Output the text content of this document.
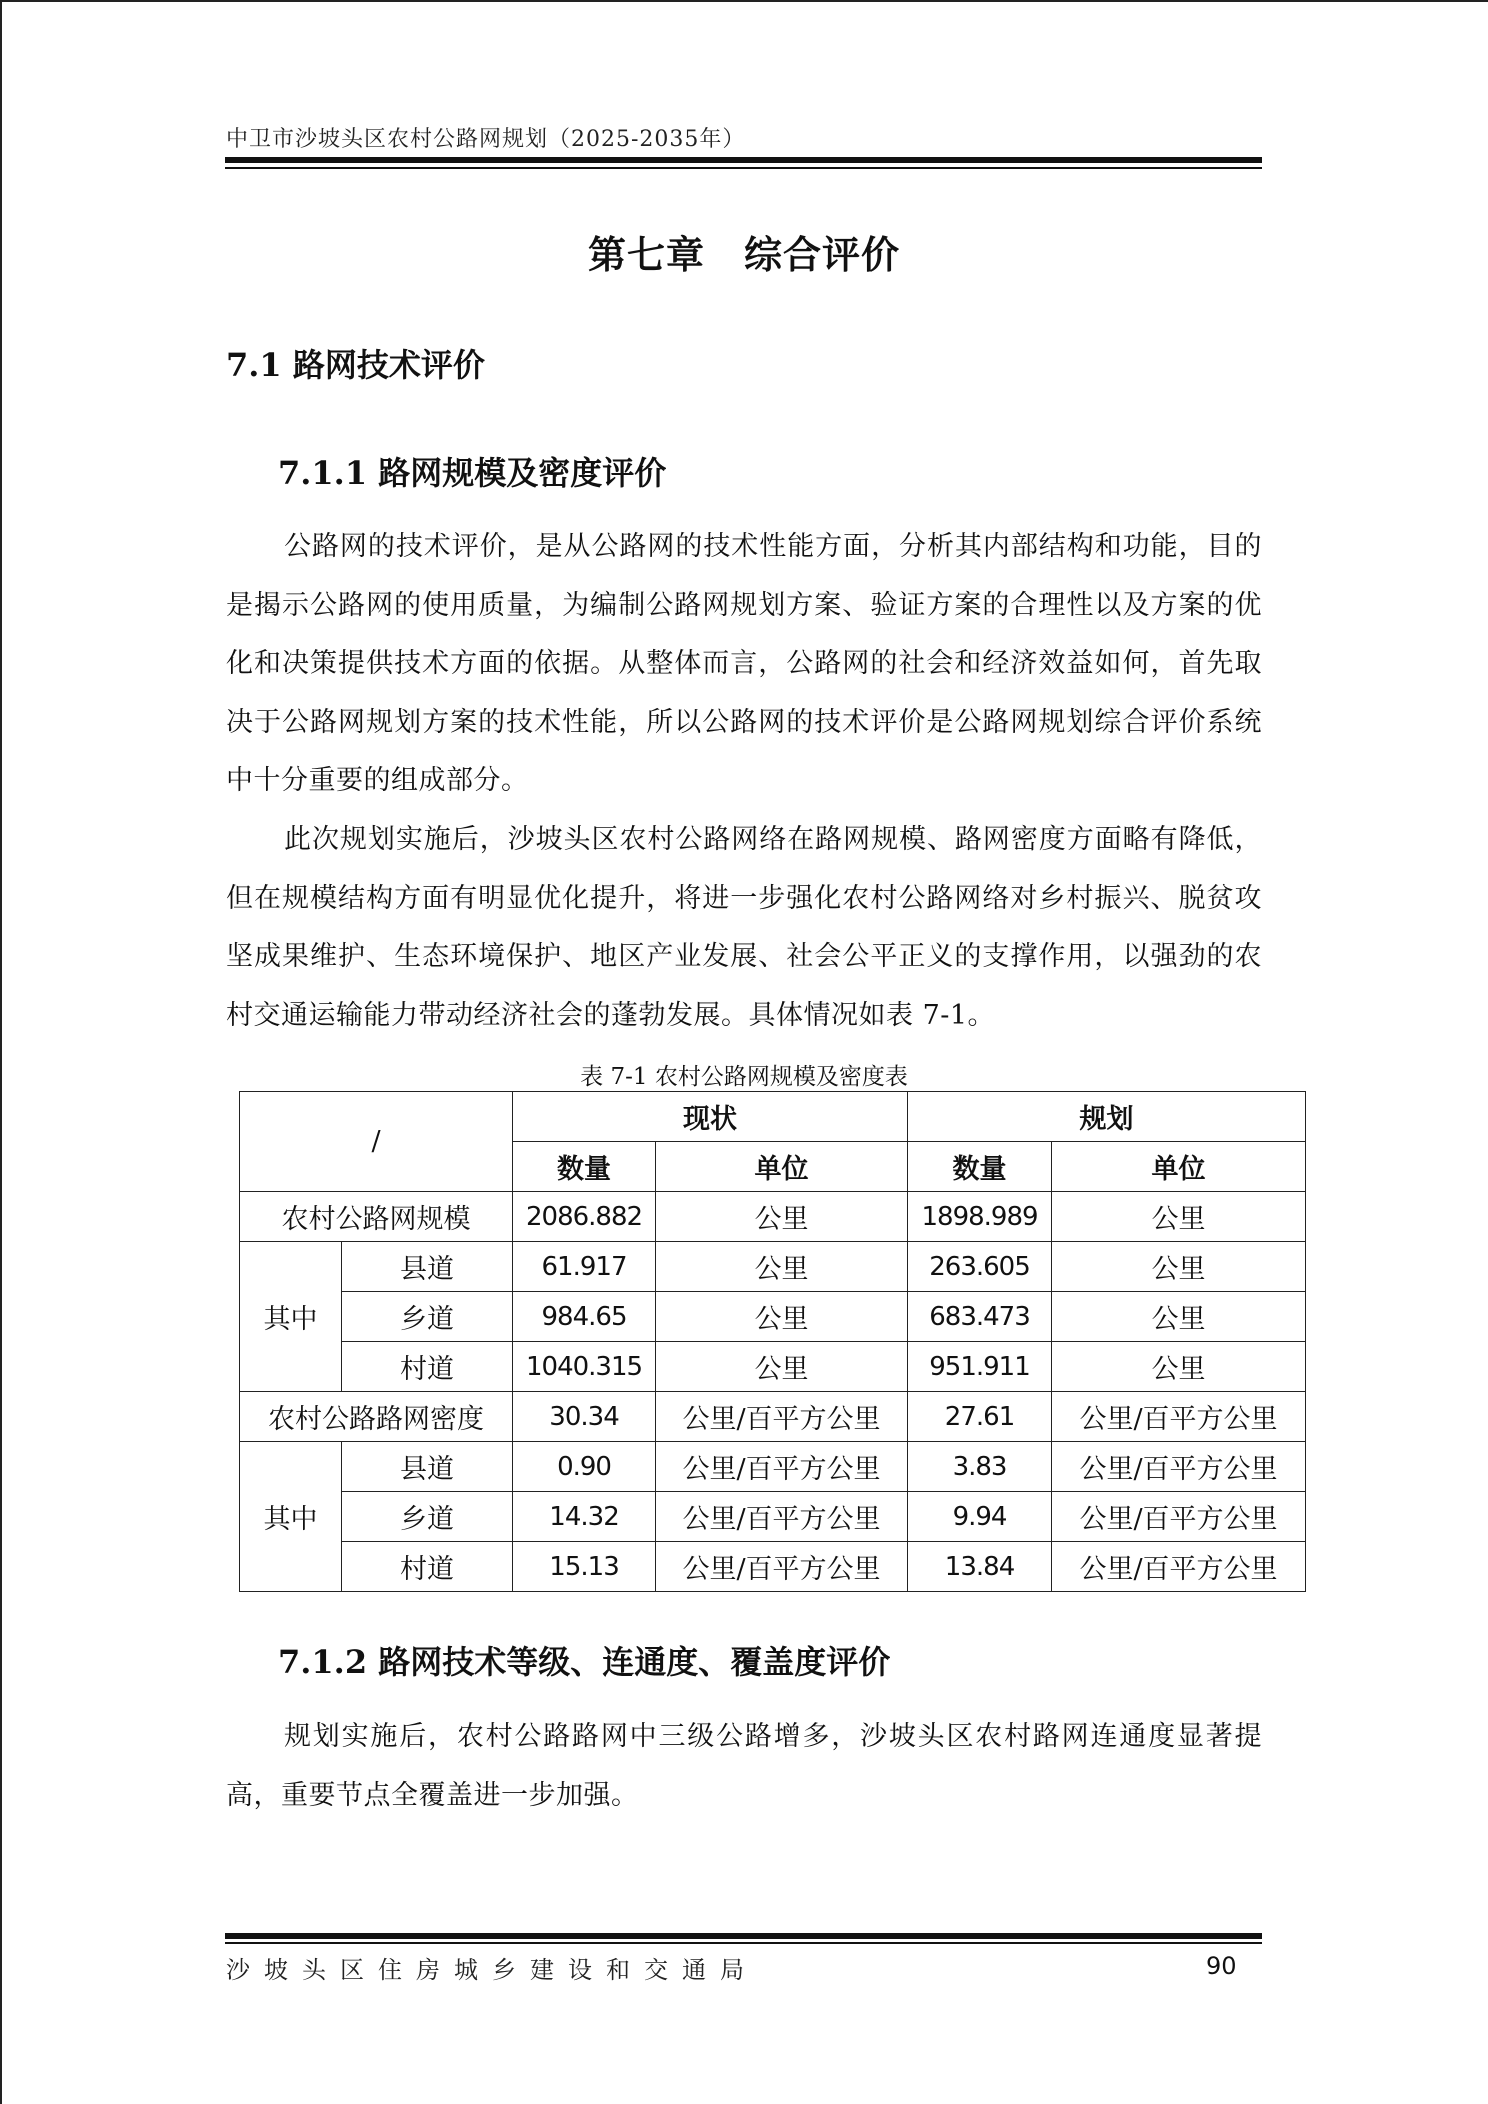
中卫市沙坡头区农村公路网规划（2025-2035年）
第七章　综合评价
7.1 路网技术评价
7.1.1 路网规模及密度评价

公路网的技术评价，是从公路网的技术性能方面，分析其内部结构和功能，目的是揭示公路网的使用质量，为编制公路网规划方案、验证方案的合理性以及方案的优化和决策提供技术方面的依据。从整体而言，公路网的社会和经济效益如何，首先取决于公路网规划方案的技术性能，所以公路网的技术评价是公路网规划综合评价系统中十分重要的组成部分。

此次规划实施后，沙坡头区农村公路网络在路网规模、路网密度方面略有降低，但在规模结构方面有明显优化提升，将进一步强化农村公路网络对乡村振兴、脱贫攻坚成果维护、生态环境保护、地区产业发展、社会公平正义的支撑作用，以强劲的农村交通运输能力带动经济社会的蓬勃发展。具体情况如表 7-1。

表 7-1 农村公路网规模及密度表
/		现状		规划	
		数量	单位	数量	单位
农村公路网规模		2086.882	公里	1898.989	公里
其中	县道	61.917	公里	263.605	公里
	乡道	984.65	公里	683.473	公里
	村道	1040.315	公里	951.911	公里
农村公路路网密度		30.34	公里/百平方公里	27.61	公里/百平方公里
其中	县道	0.90	公里/百平方公里	3.83	公里/百平方公里
	乡道	14.32	公里/百平方公里	9.94	公里/百平方公里
	村道	15.13	公里/百平方公里	13.84	公里/百平方公里
7.1.2 路网技术等级、连通度、覆盖度评价

规划实施后，农村公路路网中三级公路增多，沙坡头区农村路网连通度显著提高，重要节点全覆盖进一步加强。

沙坡头区住房城乡建设和交通局	90
